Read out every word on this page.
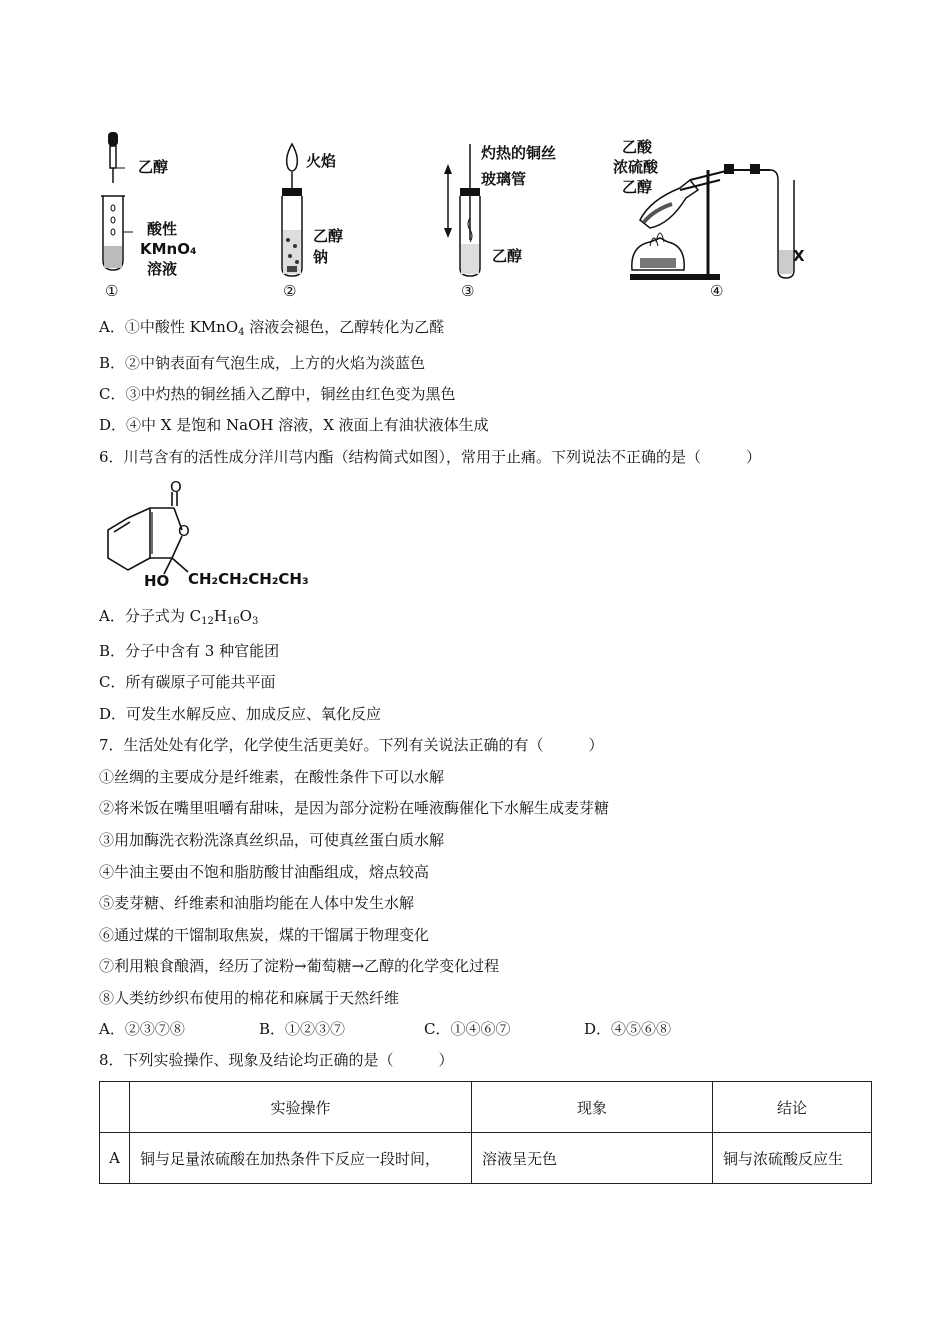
乙醇
酸性
KMnO₄
溶液
①
火焰
乙醇
钠
②
灼热的铜丝
玻璃管
乙醇
③
乙酸
浓硫酸
乙醇
X
④
A．①中酸性 KMnO$_4$ 溶液会褪色，乙醇转化为乙醛
B．②中钠表面有气泡生成，上方的火焰为淡蓝色
C．③中灼热的铜丝插入乙醇中，铜丝由红色变为黑色
D．④中 X 是饱和 NaOH 溶液，X 液面上有油状液体生成
6．川芎含有的活性成分洋川芎内酯（结构简式如图），常用于止痛。下列说法不正确的是（　　　）
O
O
HO CH₂CH₂CH₂CH₃
A．分子式为 $C_{12}H_{16}O_3$
B．分子中含有 3 种官能团
C．所有碳原子可能共平面
D．可发生水解反应、加成反应、氧化反应
7．生活处处有化学，化学使生活更美好。下列有关说法正确的有（　　　）
①丝绸的主要成分是纤维素，在酸性条件下可以水解
②将米饭在嘴里咀嚼有甜味，是因为部分淀粉在唾液酶催化下水解生成麦芽糖
③用加酶洗衣粉洗涤真丝织品，可使真丝蛋白质水解
④牛油主要由不饱和脂肪酸甘油酯组成，熔点较高
⑤麦芽糖、纤维素和油脂均能在人体中发生水解
⑥通过煤的干馏制取焦炭，煤的干馏属于物理变化
⑦利用粮食酿酒，经历了淀粉→葡萄糖→乙醇的化学变化过程
⑧人类纺纱织布使用的棉花和麻属于天然纤维
A．②③⑦⑧	B．①②③⑦	C．①④⑥⑦	D．④⑤⑥⑧
8．下列实验操作、现象及结论均正确的是（　　　）
	实验操作	现象	结论
A	铜与足量浓硫酸在加热条件下反应一段时间，	溶液呈无色	铜与浓硫酸反应生
